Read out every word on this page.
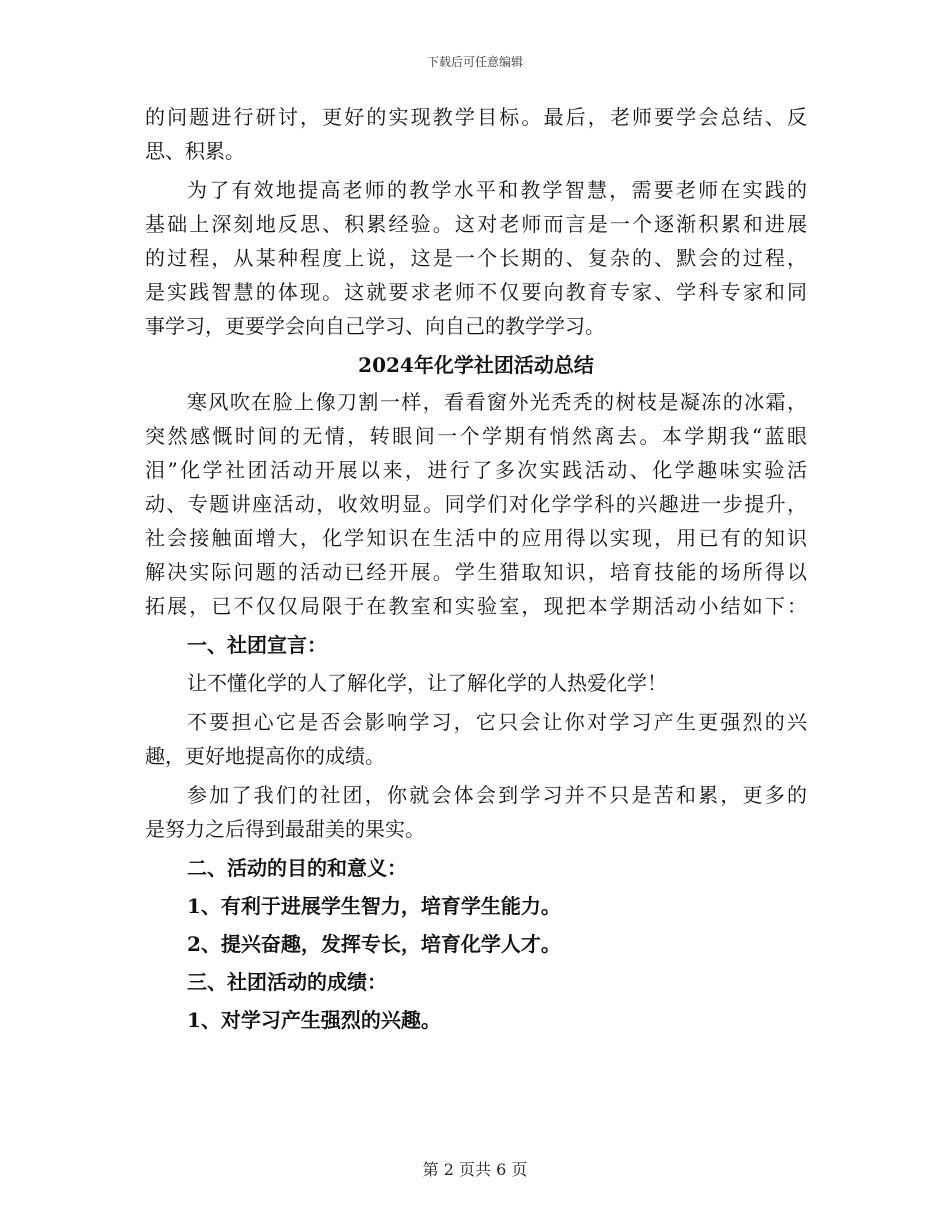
下载后可任意编辑
的问题进行研讨，更好的实现教学目标。最后，老师要学会总结、反
思、积累。
为了有效地提高老师的教学水平和教学智慧，需要老师在实践的
基础上深刻地反思、积累经验。这对老师而言是一个逐渐积累和进展
的过程，从某种程度上说，这是一个长期的、复杂的、默会的过程，
是实践智慧的体现。这就要求老师不仅要向教育专家、学科专家和同
事学习，更要学会向自己学习、向自己的教学学习。
2024年化学社团活动总结
寒风吹在脸上像刀割一样，看看窗外光秃秃的树枝是凝冻的冰霜，
突然感慨时间的无情，转眼间一个学期有悄然离去。本学期我“蓝眼
泪”化学社团活动开展以来，进行了多次实践活动、化学趣味实验活
动、专题讲座活动，收效明显。同学们对化学学科的兴趣进一步提升，
社会接触面增大，化学知识在生活中的应用得以实现，用已有的知识
解决实际问题的活动已经开展。学生猎取知识，培育技能的场所得以
拓展，已不仅仅局限于在教室和实验室，现把本学期活动小结如下：
一、社团宣言：
让不懂化学的人了解化学，让了解化学的人热爱化学！
不要担心它是否会影响学习，它只会让你对学习产生更强烈的兴
趣，更好地提高你的成绩。
参加了我们的社团，你就会体会到学习并不只是苦和累，更多的
是努力之后得到最甜美的果实。
二、活动的目的和意义：
1、有利于进展学生智力，培育学生能力。
2、提兴奋趣，发挥专长，培育化学人才。
三、社团活动的成绩：
1、对学习产生强烈的兴趣。
第 2 页共 6 页
